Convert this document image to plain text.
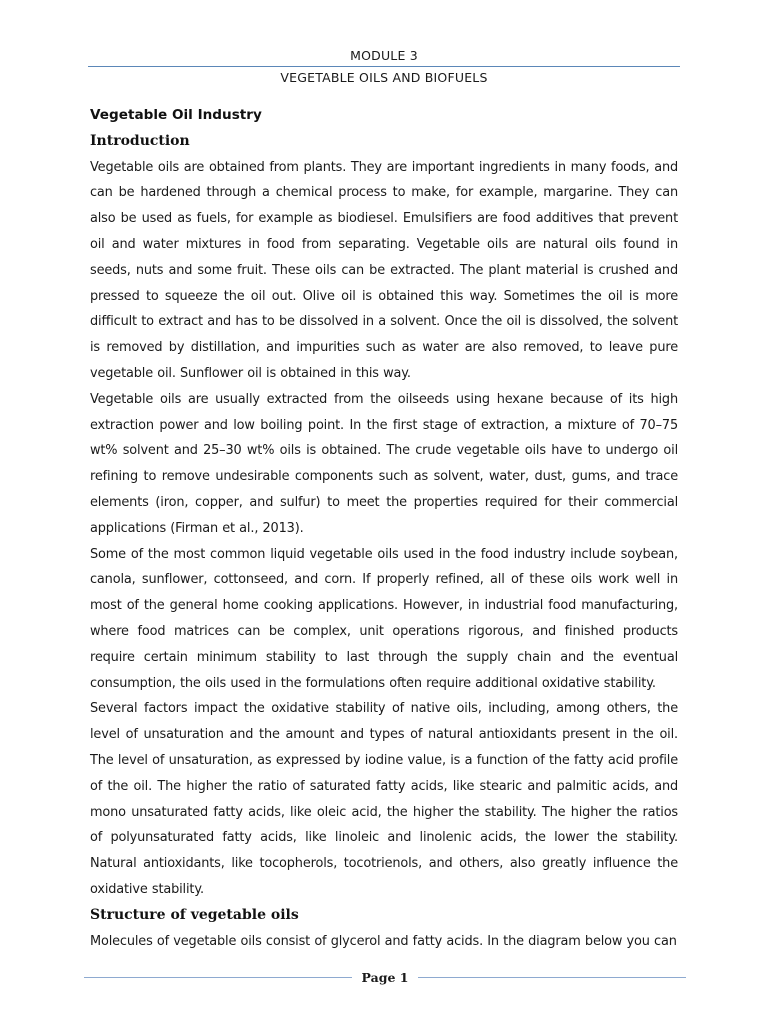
MODULE 3
VEGETABLE OILS AND BIOFUELS
Vegetable Oil Industry
Introduction

Vegetable oils are obtained from plants. They are important ingredients in many foods, and can be hardened through a chemical process to make, for example, margarine. They can also be used as fuels, for example as biodiesel. Emulsifiers are food additives that prevent oil and water mixtures in food from separating. Vegetable oils are natural oils found in seeds, nuts and some fruit. These oils can be extracted. The plant material is crushed and pressed to squeeze the oil out. Olive oil is obtained this way. Sometimes the oil is more difficult to extract and has to be dissolved in a solvent. Once the oil is dissolved, the solvent is removed by distillation, and impurities such as water are also removed, to leave pure vegetable oil. Sunflower oil is obtained in this way.

Vegetable oils are usually extracted from the oilseeds using hexane because of its high extraction power and low boiling point. In the first stage of extraction, a mixture of 70–75 wt% solvent and 25–30 wt% oils is obtained. The crude vegetable oils have to undergo oil refining to remove undesirable components such as solvent, water, dust, gums, and trace elements (iron, copper, and sulfur) to meet the properties required for their commercial applications (Firman et al., 2013).

Some of the most common liquid vegetable oils used in the food industry include soybean, canola, sunflower, cottonseed, and corn. If properly refined, all of these oils work well in most of the general home cooking applications. However, in industrial food manufacturing, where food matrices can be complex, unit operations rigorous, and finished products require certain minimum stability to last through the supply chain and the eventual consumption, the oils used in the formulations often require additional oxidative stability.

Several factors impact the oxidative stability of native oils, including, among others, the level of unsaturation and the amount and types of natural antioxidants present in the oil. The level of unsaturation, as expressed by iodine value, is a function of the fatty acid profile of the oil. The higher the ratio of saturated fatty acids, like stearic and palmitic acids, and mono unsaturated fatty acids, like oleic acid, the higher the stability. The higher the ratios of polyunsaturated fatty acids, like linoleic and linolenic acids, the lower the stability. Natural antioxidants, like tocopherols, tocotrienols, and others, also greatly influence the oxidative stability.

Structure of vegetable oils

Molecules of vegetable oils consist of glycerol and fatty acids. In the diagram below you can

Page 1
